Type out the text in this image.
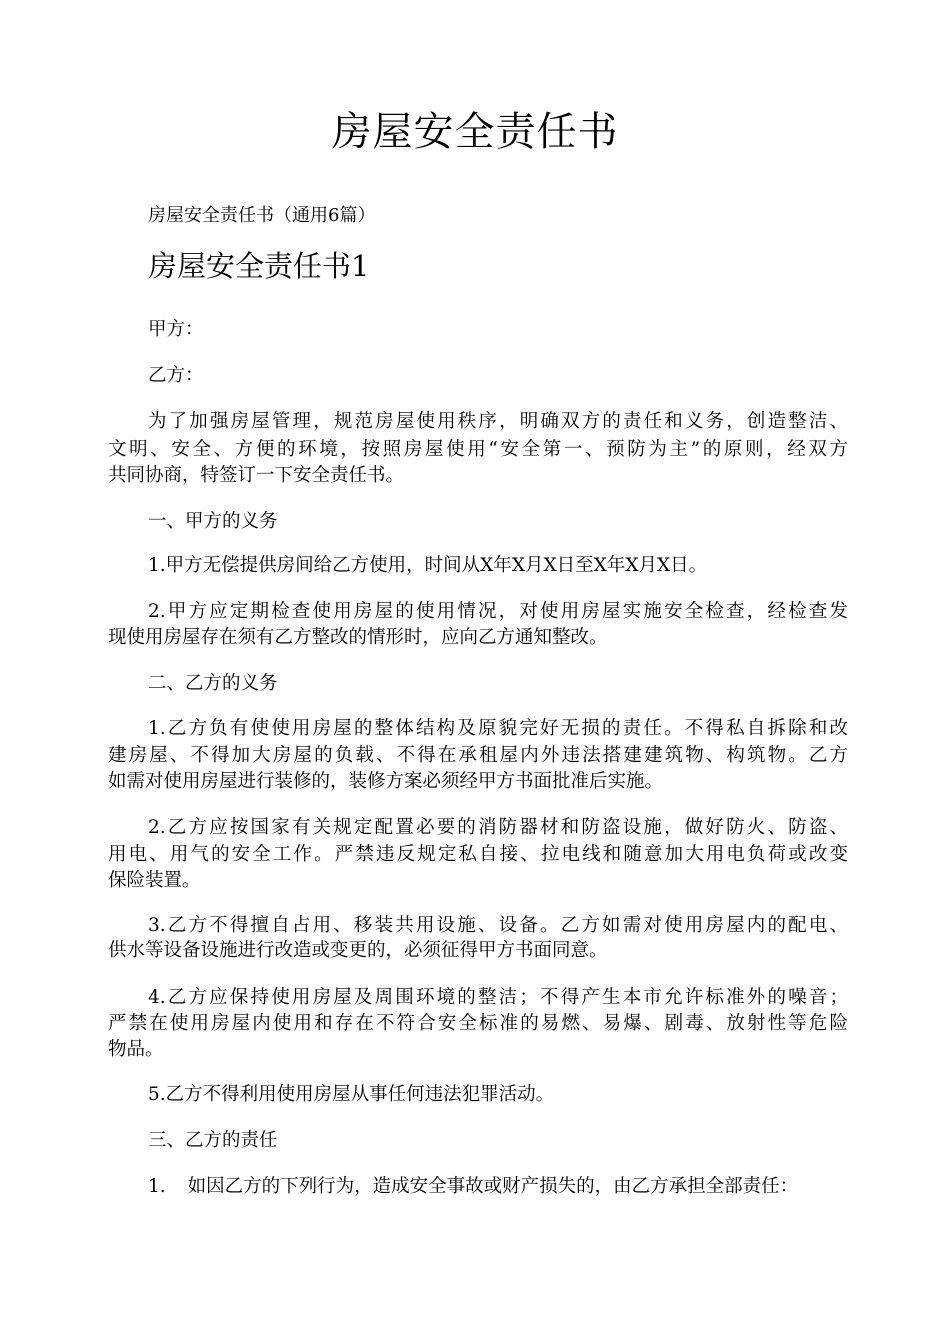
房屋安全责任书
房屋安全责任书（通用6篇）
房屋安全责任书1
甲方：
乙方：
为了加强房屋管理，规范房屋使用秩序，明确双方的责任和义务，创造整洁、
文明、安全、方便的环境，按照房屋使用“安全第一、预防为主”的原则，经双方
共同协商，特签订一下安全责任书。
一、甲方的义务
1.甲方无偿提供房间给乙方使用，时间从X年X月X日至X年X月X日。
2.甲方应定期检查使用房屋的使用情况，对使用房屋实施安全检查，经检查发
现使用房屋存在须有乙方整改的情形时，应向乙方通知整改。
二、乙方的义务
1.乙方负有使使用房屋的整体结构及原貌完好无损的责任。不得私自拆除和改
建房屋、不得加大房屋的负载、不得在承租屋内外违法搭建建筑物、构筑物。乙方
如需对使用房屋进行装修的，装修方案必须经甲方书面批准后实施。
2.乙方应按国家有关规定配置必要的消防器材和防盗设施，做好防火、防盗、
用电、用气的安全工作。严禁违反规定私自接、拉电线和随意加大用电负荷或改变
保险装置。
3.乙方不得擅自占用、移装共用设施、设备。乙方如需对使用房屋内的配电、
供水等设备设施进行改造或变更的，必须征得甲方书面同意。
4.乙方应保持使用房屋及周围环境的整洁；不得产生本市允许标准外的噪音；
严禁在使用房屋内使用和存在不符合安全标准的易燃、易爆、剧毒、放射性等危险
物品。
5.乙方不得利用使用房屋从事任何违法犯罪活动。
三、乙方的责任
1. 如因乙方的下列行为，造成安全事故或财产损失的，由乙方承担全部责任：
